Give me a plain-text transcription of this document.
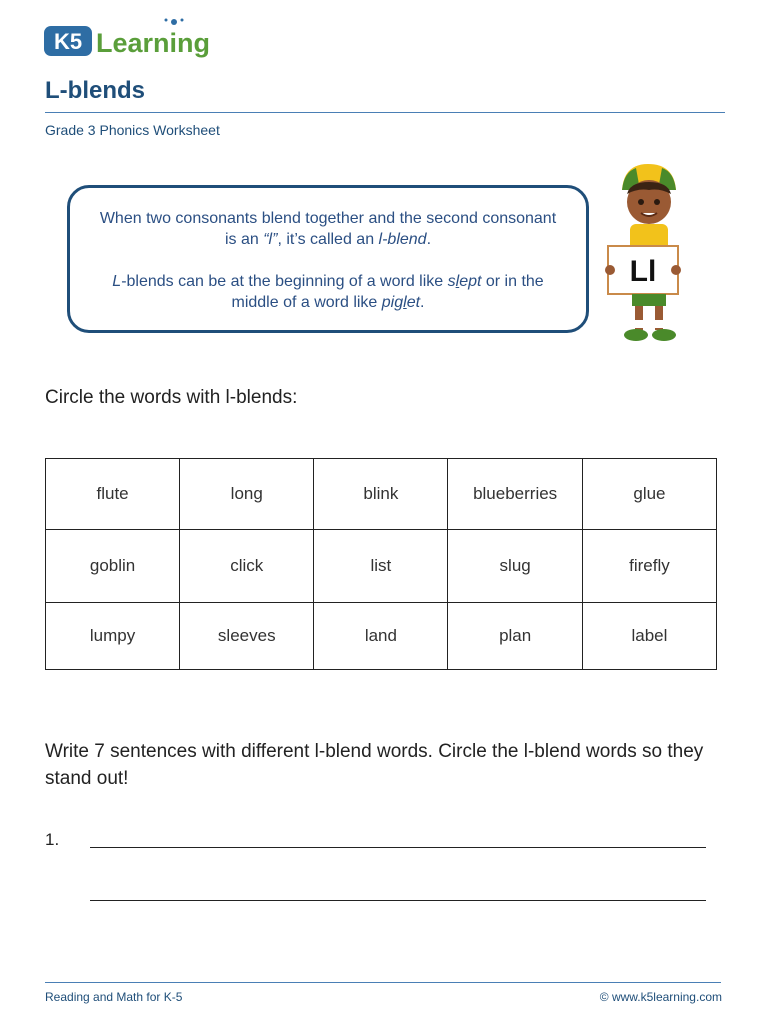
K5 Learning
L-blends
Grade 3 Phonics Worksheet

When two consonants blend together and the second consonant is an “l”, it’s called an l-blend.

L-blends can be at the beginning of a word like slept or in the middle of a word like piglet.

Ll
Circle the words with l-blends:
flute	long	blink	blueberries	glue
goblin	click	list	slug	firefly
lumpy	sleeves	land	plan	label
Write 7 sentences with different l-blend words. Circle the l-blend words so they stand out!
1.
Reading and Math for K-5	© www.k5learning.com
